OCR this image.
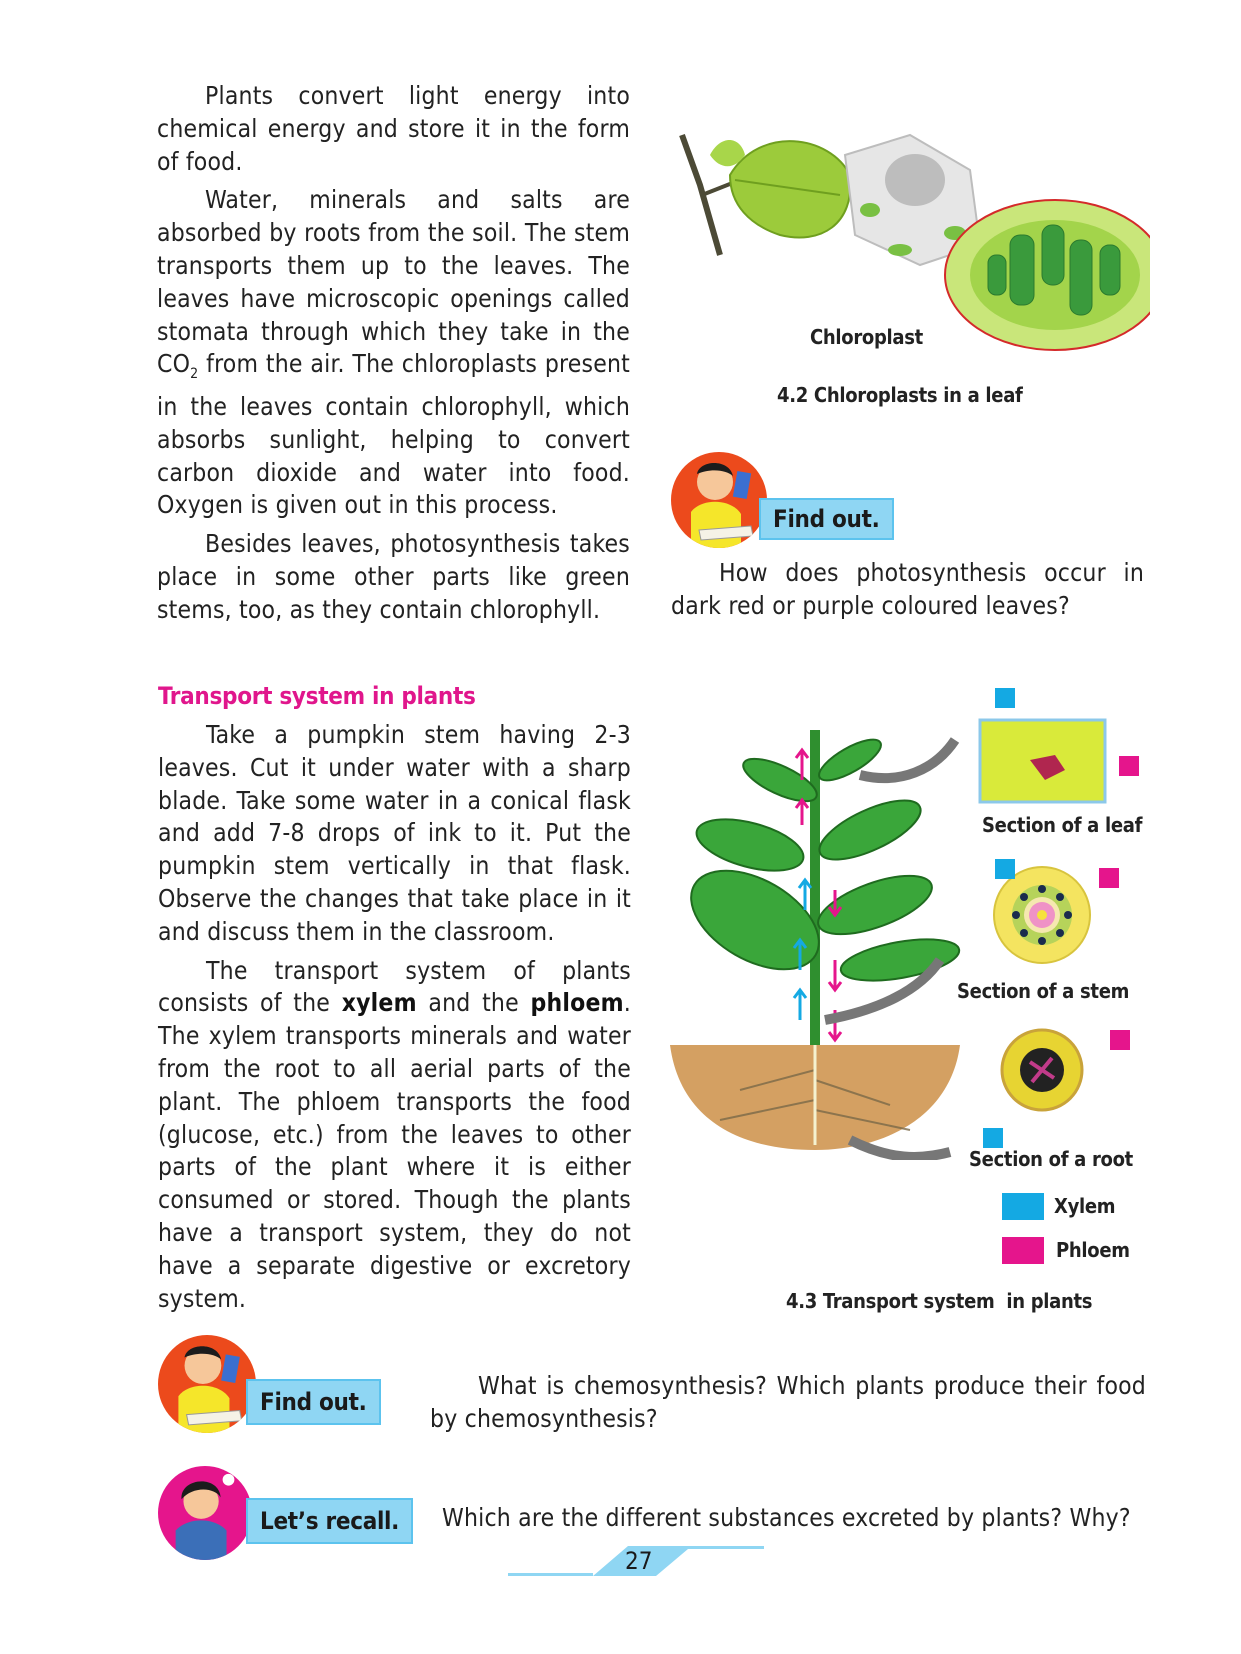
Plants convert light energy into chemical energy and store it in the form of food.

Water, minerals and salts are absorbed by roots from the soil. The stem transports them up to the leaves. The leaves have microscopic openings called stomata through which they take in the $CO_2$ from the air. The chloroplasts present in the leaves contain chlorophyll, which absorbs sunlight, helping to convert carbon dioxide and water into food. Oxygen is given out in this process.

Besides leaves, photosynthesis takes place in some other parts like green stems, too, as they contain chlorophyll.

Chloroplast
4.2 Chloroplasts in a leaf
Find out.

How does photosynthesis occur in dark red or purple coloured leaves?

Transport system in plants

Take a pumpkin stem having 2-3 leaves. Cut it under water with a sharp blade. Take some water in a conical flask and add 7-8 drops of ink to it. Put the pumpkin stem vertically in that flask. Observe the changes that take place in it and discuss them in the classroom.

The transport system of plants consists of the xylem and the phloem. The xylem transports minerals and water from the root to all aerial parts of the plant. The phloem transports the food (glucose, etc.) from the leaves to other parts of the plant where it is either consumed or stored. Though the plants have a transport system, they do not have a separate digestive or excretory system.

Section of a leaf
Section of a stem
Section of a root
Xylem
Phloem
4.3 Transport system  in plants
Find out.

What is chemosynthesis? Which plants produce their food by chemosynthesis?

Let’s recall.	Which are the different substances excreted by plants? Why?

27
